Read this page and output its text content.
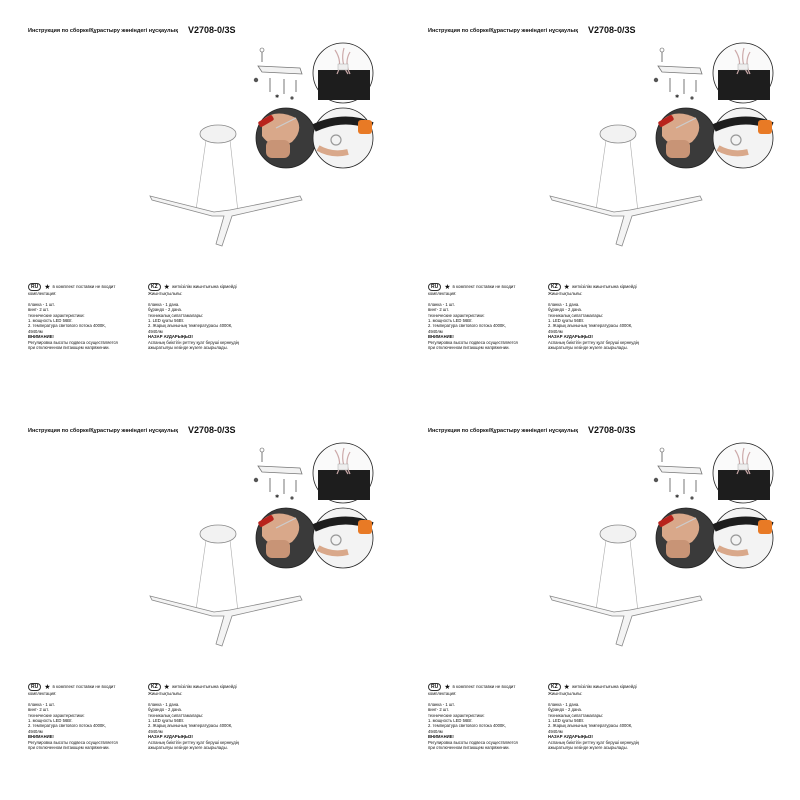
Инструкция по сборке/Құрастыру жөніндегі нұсқаулық V2708-0/3S
✱
RU ★ в комплект поставки не входит
комплектация:

планка - 1 шт.
винт- 2 шт.
технические характеристики:
1. мощность LED 56Вт.
2. температура светового потока 4000К,
4940лм
ВНИМАНИЕ!
Регулировка высоты подвеса осуществляется
при отключенном питающем напряжении.
KZ ★ жеткізілім жиынтығына кірмейді
Жиынтықтылығы:

планка - 1 дана.
бұрандо - 2 дана.
техникалық сипаттамалары:
1. LED қуаты 56Вт.
2. Жарық ағынының температурасы 4000К,
4940лм
НАЗАР АУДАРЫҢЫЗ!
Аспаның биіктігін реттеу қуат беруші кернеудің
ажыратылуы кезінде жүзеге асырылады.
Инструкция по сборке/Құрастыру жөніндегі нұсқаулық V2708-0/3S
✱
RU ★ в комплект поставки не входит
комплектация:

планка - 1 шт.
винт- 2 шт.
технические характеристики:
1. мощность LED 56Вт.
2. температура светового потока 4000К,
4940лм
ВНИМАНИЕ!
Регулировка высоты подвеса осуществляется
при отключенном питающем напряжении.
KZ ★ жеткізілім жиынтығына кірмейді
Жиынтықтылығы:

планка - 1 дана.
бұрандо - 2 дана.
техникалық сипаттамалары:
1. LED қуаты 56Вт.
2. Жарық ағынының температурасы 4000К,
4940лм
НАЗАР АУДАРЫҢЫЗ!
Аспаның биіктігін реттеу қуат беруші кернеудің
ажыратылуы кезінде жүзеге асырылады.
Инструкция по сборке/Құрастыру жөніндегі нұсқаулық V2708-0/3S
✱
RU ★ в комплект поставки не входит
комплектация:

планка - 1 шт.
винт- 2 шт.
технические характеристики:
1. мощность LED 56Вт.
2. температура светового потока 4000К,
4940лм
ВНИМАНИЕ!
Регулировка высоты подвеса осуществляется
при отключенном питающем напряжении.
KZ ★ жеткізілім жиынтығына кірмейді
Жиынтықтылығы:

планка - 1 дана.
бұрандо - 2 дана.
техникалық сипаттамалары:
1. LED қуаты 56Вт.
2. Жарық ағынының температурасы 4000К,
4940лм
НАЗАР АУДАРЫҢЫЗ!
Аспаның биіктігін реттеу қуат беруші кернеудің
ажыратылуы кезінде жүзеге асырылады.
Инструкция по сборке/Құрастыру жөніндегі нұсқаулық V2708-0/3S
✱
RU ★ в комплект поставки не входит
комплектация:

планка - 1 шт.
винт- 2 шт.
технические характеристики:
1. мощность LED 56Вт.
2. температура светового потока 4000К,
4940лм
ВНИМАНИЕ!
Регулировка высоты подвеса осуществляется
при отключенном питающем напряжении.
KZ ★ жеткізілім жиынтығына кірмейді
Жиынтықтылығы:

планка - 1 дана.
бұрандо - 2 дана.
техникалық сипаттамалары:
1. LED қуаты 56Вт.
2. Жарық ағынының температурасы 4000К,
4940лм
НАЗАР АУДАРЫҢЫЗ!
Аспаның биіктігін реттеу қуат беруші кернеудің
ажыратылуы кезінде жүзеге асырылады.
